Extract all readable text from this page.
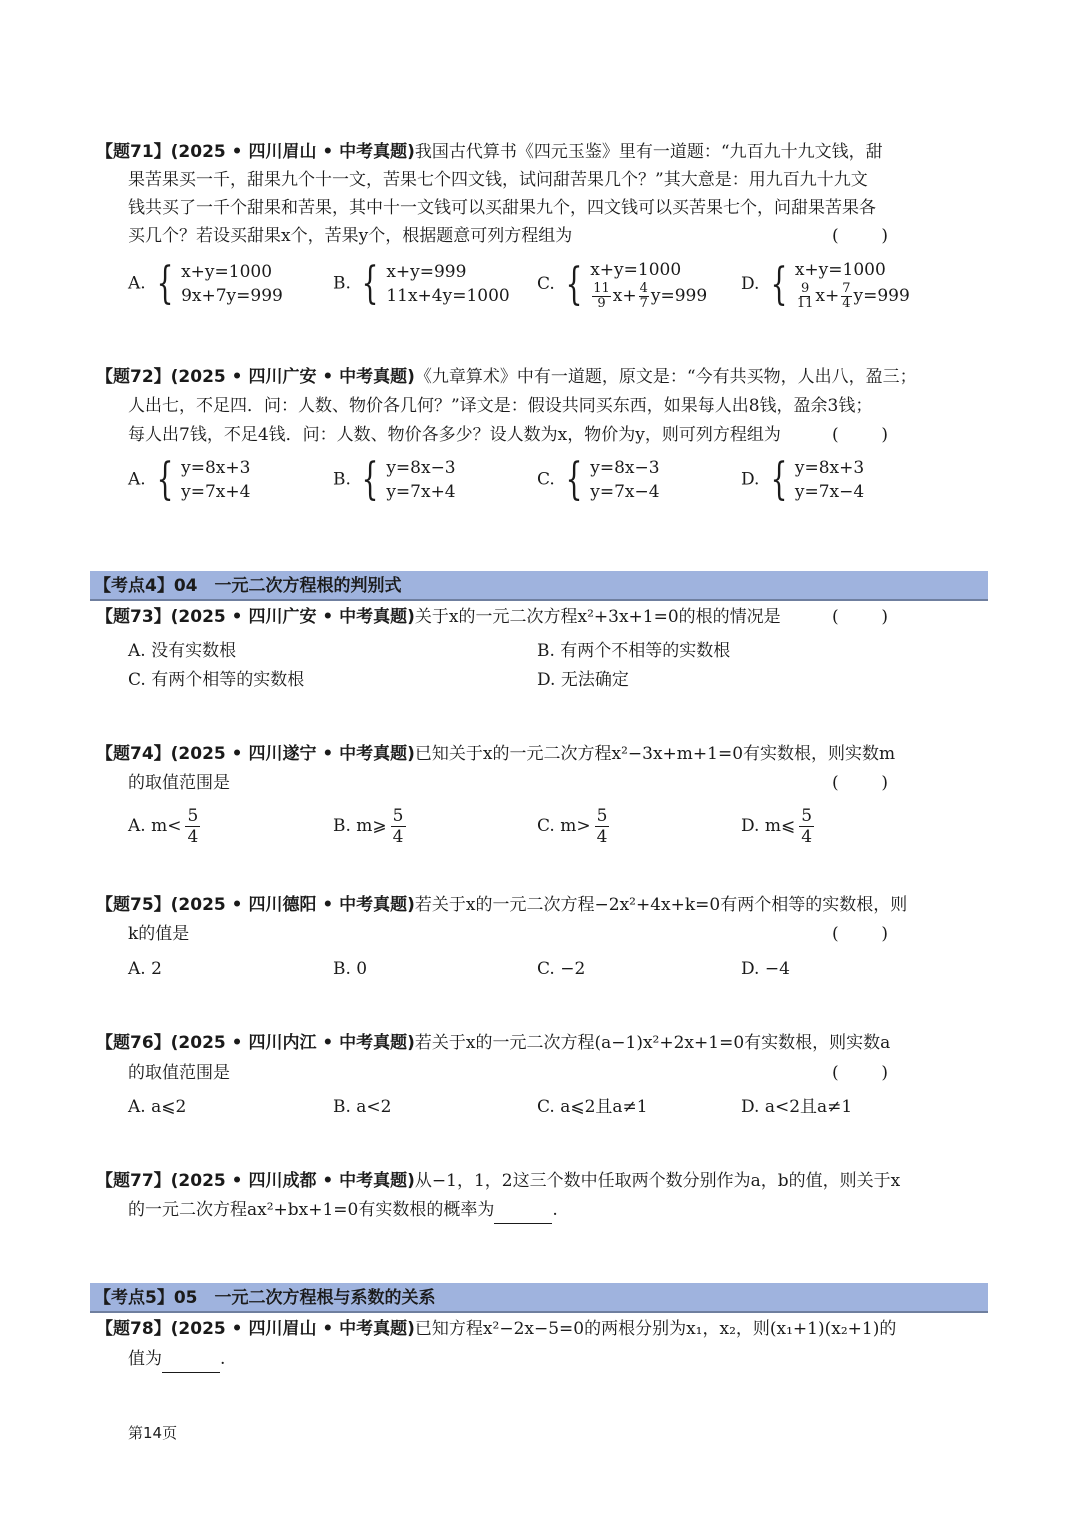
【题71】(2025 • 四川眉山 • 中考真题)我国古代算书《四元玉鉴》里有一道题：“九百九十九文钱，甜
果苦果买一千，甜果九个十一文，苦果七个四文钱，试问甜苦果几个？”其大意是：用九百九十九文
钱共买了一千个甜果和苦果，其中十一文钱可以买甜果九个，四文钱可以买苦果七个，问甜果苦果各
买几个？若设买甜果x个，苦果y个，根据题意可列方程组为	(	)
A. { x+y=1000
9x+7y=999
B. { x+y=999
11x+4y=1000
C. { x+y=1000
$\frac{11}{9} x+ \frac{4}{7} y=999$
D. { x+y=1000
$\frac{9}{11} x+ \frac{7}{4} y=999$
【题72】(2025 • 四川广安 • 中考真题)《九章算术》中有一道题，原文是：“今有共买物，人出八，盈三；
人出七，不足四．问：人数、物价各几何？”译文是：假设共同买东西，如果每人出8钱，盈余3钱；
每人出7钱，不足4钱．问：人数、物价各多少？设人数为x，物价为y，则可列方程组为	(	)
A. { y=8x+3
y=7x+4
B. { y=8x−3
y=7x+4
C. { y=8x−3
y=7x−4
D. { y=8x+3
y=7x−4
【考点4】04　一元二次方程根的判别式
【题73】(2025 • 四川广安 • 中考真题)关于x的一元二次方程x²+3x+1=0的根的情况是	(	)
A. 没有实数根	B. 有两个不相等的实数根
C. 有两个相等的实数根	D. 无法确定
【题74】(2025 • 四川遂宁 • 中考真题)已知关于x的一元二次方程x²−3x+m+1=0有实数根，则实数m
的取值范围是	(	)
A. $m< \frac{5}{4}$	B. m⩾ $\frac{5}{4}$	C. $m> \frac{5}{4}$	D. m⩽ $\frac{5}{4}$
【题75】(2025 • 四川德阳 • 中考真题)若关于x的一元二次方程−2x²+4x+k=0有两个相等的实数根，则
k的值是	(	)
A. 2	B. 0	C. −2	D. −4
【题76】(2025 • 四川内江 • 中考真题)若关于x的一元二次方程(a−1)x²+2x+1=0有实数根，则实数a
的取值范围是	(	)
A. a⩽2	B. a<2	C. a⩽2且a≠1	D. a<2且a≠1
【题77】(2025 • 四川成都 • 中考真题)从−1，1，2这三个数中任取两个数分别作为a，b的值，则关于x
的一元二次方程ax²+bx+1=0有实数根的概率为	.
【考点5】05　一元二次方程根与系数的关系
【题78】(2025 • 四川眉山 • 中考真题)已知方程x²−2x−5=0的两根分别为x₁，x₂，则(x₁+1)(x₂+1)的
值为	.
第14页
